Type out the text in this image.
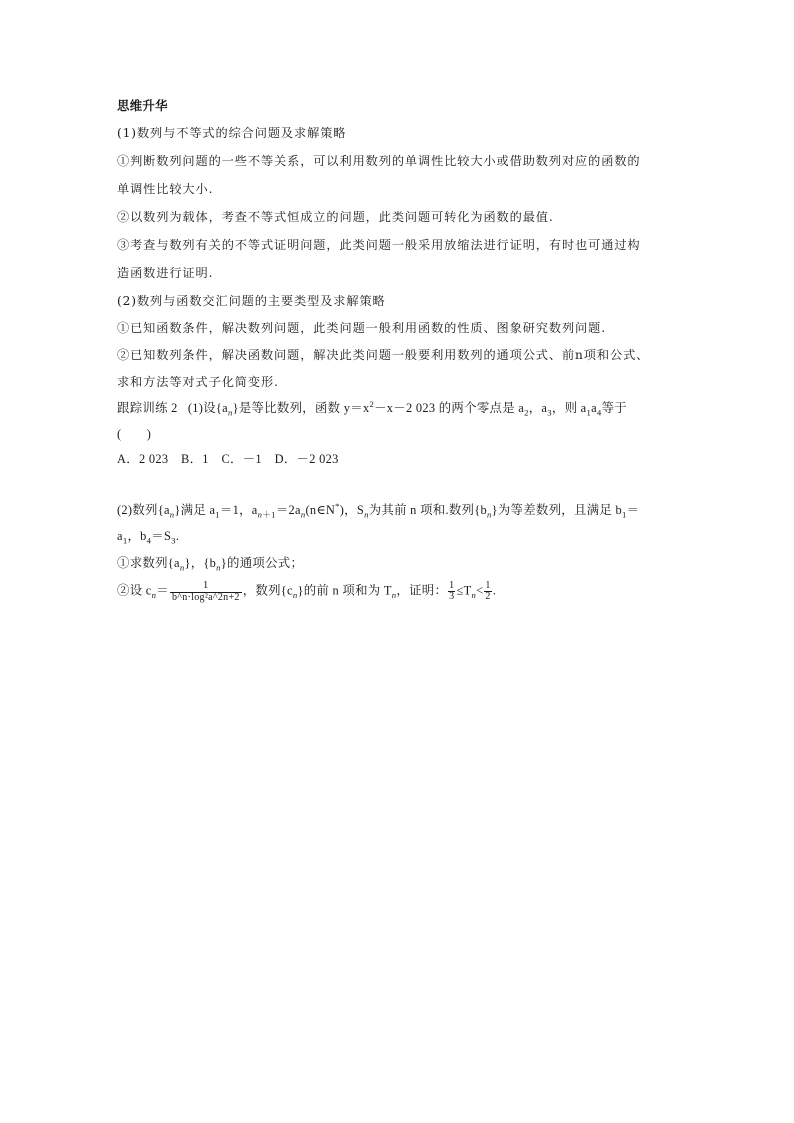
思维升华
(1)数列与不等式的综合问题及求解策略
①判断数列问题的一些不等关系，可以利用数列的单调性比较大小或借助数列对应的函数的
单调性比较大小.
②以数列为载体，考查不等式恒成立的问题，此类问题可转化为函数的最值.
③考查与数列有关的不等式证明问题，此类问题一般采用放缩法进行证明，有时也可通过构
造函数进行证明.
(2)数列与函数交汇问题的主要类型及求解策略
①已知函数条件，解决数列问题，此类问题一般利用函数的性质、图象研究数列问题.
②已知数列条件，解决函数问题，解决此类问题一般要利用数列的通项公式、前n项和公式、
求和方法等对式子化简变形.
跟踪训练 2 (1)设$\{a_n\}$是等比数列，函数 $y=x^2-x-2$ 023 的两个零点是 $a_2$，$a_3$，则 $a_1a_4$等于
(　　)
A．2 023　B．1　C．－1　D．－2 023
(2)数列$\{a_n\}$满足 $a_1=1$，$a_{n+1}=2a_n(n\in N^*)$，$S_n$为其前 n 项和.数列$\{b_n\}$为等差数列，且满足 $b_1=$
$a_1$，$b_4=S_3$.
①求数列$\{a_n\}$，$\{b_n\}$的通项公式；
②设 $c_n= \frac{1}{\text{b\textasciicircum{}n·log²a\textasciicircum{}2n+2}}$ ，数列$\{c_n\}$的前 n 项和为 $T_n$，证明： $\frac{1}{3} \le T_n< \frac{1}{2}$ .
